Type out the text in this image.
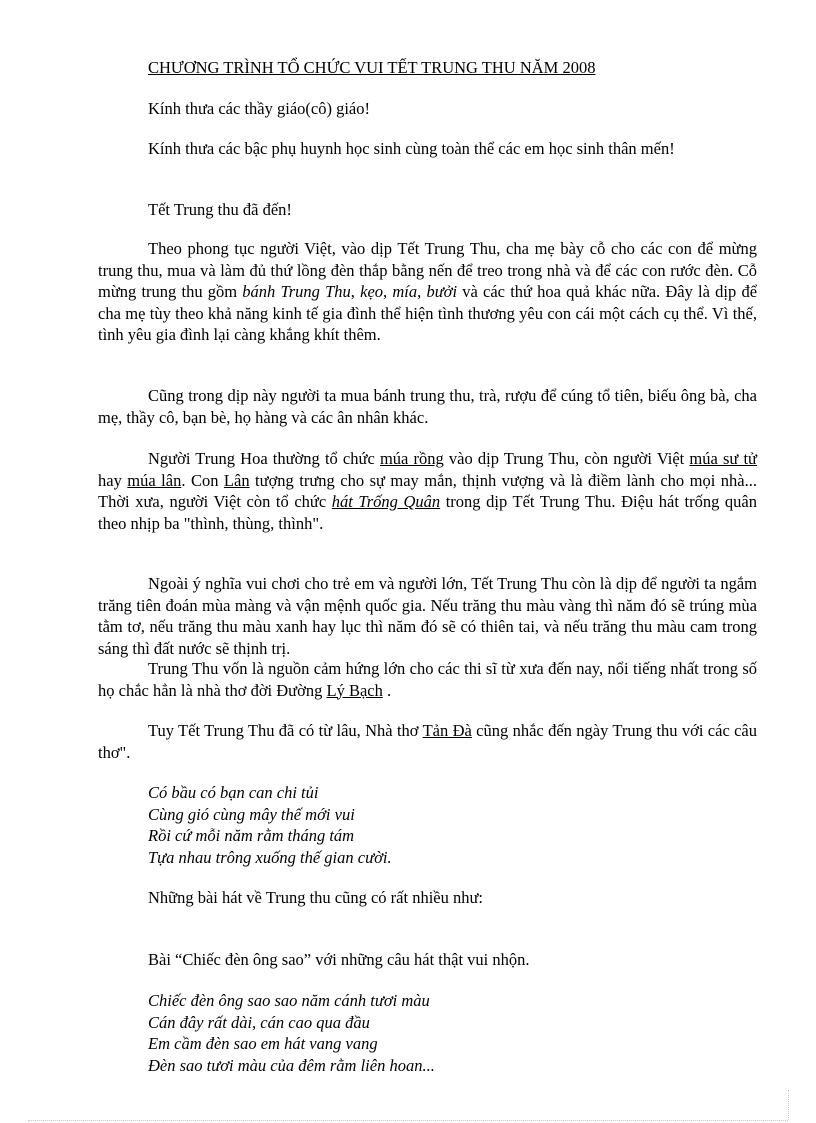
CHƯƠNG TRÌNH TỔ CHỨC VUI TẾT TRUNG THU NĂM 2008
Kính thưa các thầy giáo(cô) giáo!

Kính thưa các bậc phụ huynh học sinh cùng toàn thể các em học sinh thân mến!

Tết Trung thu đã đến!

Theo phong tục người Việt, vào dịp Tết Trung Thu, cha mẹ bày cỗ cho các con để mừng trung thu, mua và làm đủ thứ lồng đèn thắp bằng nến để treo trong nhà và để các con rước đèn. Cỗ mừng trung thu gồm bánh Trung Thu, kẹo, mía, bưởi và các thứ hoa quả khác nữa. Đây là dịp để cha mẹ tùy theo khả năng kinh tế gia đình thể hiện tình thương yêu con cái một cách cụ thể. Vì thế, tình yêu gia đình lại càng khắng khít thêm.

Cũng trong dịp này người ta mua bánh trung thu, trà, rượu để cúng tổ tiên, biếu ông bà, cha mẹ, thầy cô, bạn bè, họ hàng và các ân nhân khác.

Người Trung Hoa thường tổ chức múa rồng vào dịp Trung Thu, còn người Việt múa sư tử hay múa lân. Con Lân tượng trưng cho sự may mắn, thịnh vượng và là điềm lành cho mọi nhà... Thời xưa, người Việt còn tổ chức hát Trống Quân trong dịp Tết Trung Thu. Điệu hát trống quân theo nhịp ba "thình, thùng, thình".

Ngoài ý nghĩa vui chơi cho trẻ em và người lớn, Tết Trung Thu còn là dịp để người ta ngắm trăng tiên đoán mùa màng và vận mệnh quốc gia. Nếu trăng thu màu vàng thì năm đó sẽ trúng mùa tằm tơ, nếu trăng thu màu xanh hay lục thì năm đó sẽ có thiên tai, và nếu trăng thu màu cam trong sáng thì đất nước sẽ thịnh trị.

Trung Thu vốn là nguồn cảm hứng lớn cho các thi sĩ từ xưa đến nay, nổi tiếng nhất trong số họ chắc hẳn là nhà thơ đời Đường Lý Bạch .

Tuy Tết Trung Thu đã có từ lâu, Nhà thơ Tản Đà cũng nhắc đến ngày Trung thu với các câu thơ".

Có bầu có bạn can chi tủi
Cùng gió cùng mây thế mới vui
Rồi cứ mỗi năm rằm tháng tám
Tựa nhau trông xuống thế gian cười.
Những bài hát về Trung thu cũng có rất nhiều như:
Bài “Chiếc đèn ông sao” với những câu hát thật vui nhộn.
Chiếc đèn ông sao sao năm cánh tươi màu
Cán đây rất dài, cán cao qua đầu
Em cầm đèn sao em hát vang vang
Đèn sao tươi màu của đêm rằm liên hoan...
